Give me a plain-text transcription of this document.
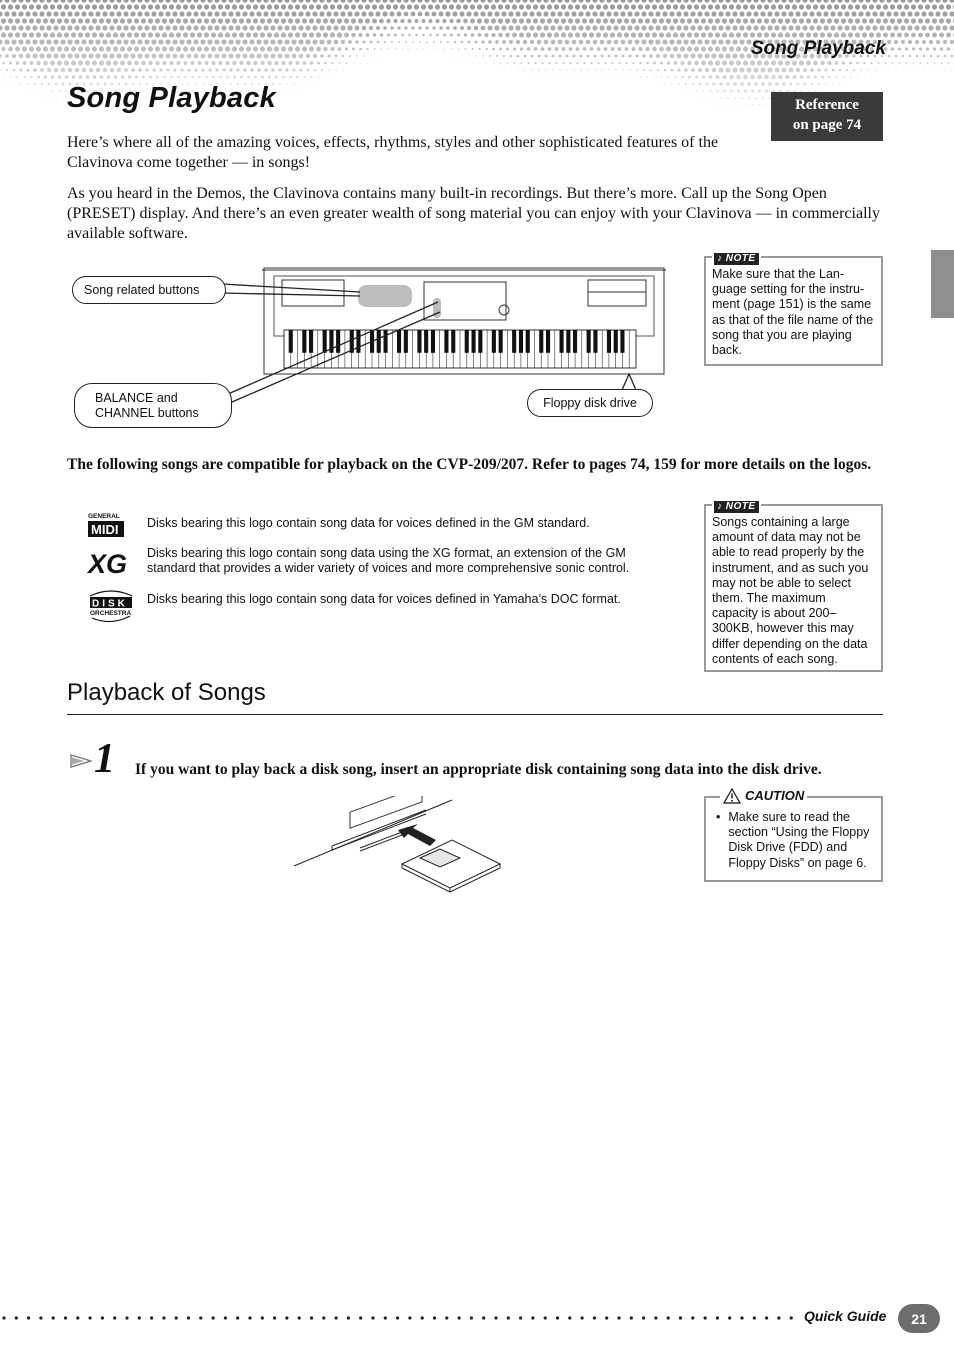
Song Playback
Song Playback	Reference
on page 74

Here’s where all of the amazing voices, effects, rhythms, styles and other sophisticated features of the Clavinova come together — in songs!

As you heard in the Demos, the Clavinova contains many built-in recordings. But there’s more. Call up the Song Open (PRESET) display. And there’s an even greater wealth of song material you can enjoy with your Clavinova — in commercially available software.

Song related buttons
BALANCE and
CHANNEL buttons
Floppy disk drive
♪ NOTE
Make sure that the Lan-guage setting for the instru-ment (page 151) is the same as that of the file name of the song that you are playing back.
The following songs are compatible for playback on the CVP-209/207. Refer to pages 74, 159 for more details on the logos.
GENERAL
MIDI Disks bearing this logo contain song data for voices defined in the GM standard.
XG Disks bearing this logo contain song data using the XG format, an extension of the GM standard that provides a wider variety of voices and more comprehensive sonic control.
DISK
ORCHESTRA
Disks bearing this logo contain song data for voices defined in Yamaha’s DOC format.
♪ NOTE
Songs containing a large amount of data may not be able to read properly by the instrument, and as such you may not be able to select them. The maximum capacity is about 200–300KB, however this may differ depending on the data contents of each song.
Playback of Songs
1 If you want to play back a disk song, insert an appropriate disk containing song data into the disk drive.
CAUTION
• Make sure to read the section “Using the Floppy Disk Drive (FDD) and Floppy Disks” on page 6.
Quick Guide	21
